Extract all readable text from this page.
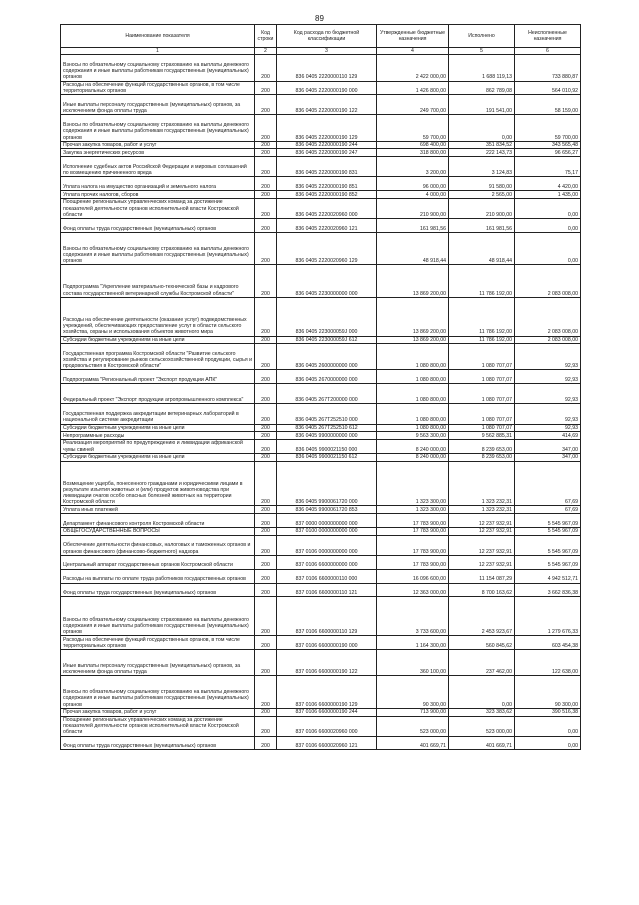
89
Наименование показателя	Код строки	Код расхода по бюджетной классификации	Утвержденные бюджетные назначения	Исполнено	Неисполненные назначения
1	2	3	4	5	6
Взносы по обязательному социальному страхованию на выплаты денежного содержания и иные выплаты работникам государственных (муниципальных) органов	200	836 0405 2220000110 129	2 422 000,00	1 688 119,13	733 880,87
Расходы на обеспечение функций государственных органов, в том числе территориальных органов	200	836 0405 2220000190 000	1 426 800,00	862 789,08	564 010,92
Иные выплаты персоналу государственных (муниципальных) органов, за исключением фонда оплаты труда	200	836 0405 2220000190 122	249 700,00	191 541,00	58 159,00
Взносы по обязательному социальному страхованию на выплаты денежного содержания и иные выплаты работникам государственных (муниципальных) органов	200	836 0405 2220000190 129	59 700,00	0,00	59 700,00
Прочая закупка товаров, работ и услуг	200	836 0405 2220000190 244	698 400,00	351 834,52	343 565,48
Закупка энергетических ресурсов	200	836 0405 2220000190 247	318 800,00	222 143,73	96 656,27
Исполнение судебных актов Российской Федерации и мировых соглашений по возмещению причиненного вреда	200	836 0405 2220000190 831	3 200,00	3 124,83	75,17
Уплата налога на имущество организаций и земельного налога	200	836 0405 2220000190 851	96 000,00	91 580,00	4 420,00
Уплата прочих налогов, сборов	200	836 0405 2220000190 852	4 000,00	2 565,00	1 435,00
Поощрение региональных управленческих команд за достижение показателей деятельности органов исполнительной власти Костромской области	200	836 0405 2220020960 000	210 900,00	210 900,00	0,00
Фонд оплаты труда государственных (муниципальных) органов	200	836 0405 2220020960 121	161 981,56	161 981,56	0,00
Взносы по обязательному социальному страхованию на выплаты денежного содержания и иные выплаты работникам государственных (муниципальных) органов	200	836 0405 2220020960 129	48 918,44	48 918,44	0,00
Подпрограмма "Укрепление материально-технической базы и кадрового состава государственной ветеринарной службы Костромской области"	200	836 0405 2230000000 000	13 869 200,00	11 786 192,00	2 083 008,00
Расходы на обеспечение деятельности (оказание услуг) подведомственных учреждений, обеспечивающих предоставление услуг в области сельского хозяйства, охраны и использования объектов животного мира	200	836 0405 223000059Ј 000	13 869 200,00	11 786 192,00	2 083 008,00
Субсидии бюджетным учреждениям на иные цели	200	836 0405 223000059Ј 612	13 869 200,00	11 786 192,00	2 083 008,00
Государственная программа Костромской области "Развитие сельского хозяйства и регулирование рынков сельскохозяйственной продукции, сырья и продовольствия в Костромской области"	200	836 0405 2600000000 000	1 080 800,00	1 080 707,07	92,93
Подпрограмма "Региональный проект "Экспорт продукции АПК"	200	836 0405 2670000000 000	1 080 800,00	1 080 707,07	92,93
Федеральный проект "Экспорт продукции агропромышленного комплекса"	200	836 0405 267T200000 000	1 080 800,00	1 080 707,07	92,93
Государственная поддержка аккредитации ветеринарных лабораторий в национальной системе аккредитации	200	836 0405 267T252510 000	1 080 800,00	1 080 707,07	92,93
Субсидии бюджетным учреждениям на иные цели	200	836 0405 267T252510 612	1 080 800,00	1 080 707,07	92,93
Непрограммные расходы	200	836 0405 9900000000 000	9 563 300,00	9 562 885,31	414,69
Реализация мероприятий по предупреждению и ликвидации африканской чумы свиней	200	836 0405 9900021150 000	8 240 000,00	8 239 653,00	347,00
Субсидии бюджетным учреждениям на иные цели	200	836 0405 9900021150 612	8 240 000,00	8 239 653,00	347,00
Возмещение ущерба, понесенного гражданами и юридическими лицами в результате изъятия животных и (или) продуктов животноводства при ликвидации очагов особо опасных болезней животных на территории Костромской области	200	836 0405 9900061720 000	1 323 300,00	1 323 232,31	67,69
Уплата иных платежей	200	836 0405 9900061720 853	1 323 300,00	1 323 232,31	67,69
Департамент финансового контроля Костромской области	200	837 0000 0000000000 000	17 783 900,00	12 237 932,91	5 545 967,09
ОБЩЕГОСУДАРСТВЕННЫЕ ВОПРОСЫ	200	837 0100 0000000000 000	17 783 900,00	12 237 932,91	5 545 967,09
Обеспечение деятельности финансовых, налоговых и таможенных органов и органов финансового (финансово-бюджетного) надзора	200	837 0106 0000000000 000	17 783 900,00	12 237 932,91	5 545 967,09
Центральный аппарат государственных органов Костромской области	200	837 0106 6600000000 000	17 783 900,00	12 237 932,91	5 545 967,09
Расходы на выплаты по оплате труда работников государственных органов	200	837 0106 6600000110 000	16 096 600,00	11 154 087,29	4 942 512,71
Фонд оплаты труда государственных (муниципальных) органов	200	837 0106 6600000110 121	12 363 000,00	8 700 163,62	3 662 836,38
Взносы по обязательному социальному страхованию на выплаты денежного содержания и иные выплаты работникам государственных (муниципальных) органов	200	837 0106 6600000110 129	3 733 600,00	2 453 923,67	1 279 676,33
Расходы на обеспечение функций государственных органов, в том числе территориальных органов	200	837 0106 6600000190 000	1 164 300,00	560 845,62	603 454,38
Иные выплаты персоналу государственных (муниципальных) органов, за исключением фонда оплаты труда	200	837 0106 6600000190 122	360 100,00	237 462,00	122 638,00
Взносы по обязательному социальному страхованию на выплаты денежного содержания и иные выплаты работникам государственных (муниципальных) органов	200	837 0106 6600000190 129	90 300,00	0,00	90 300,00
Прочая закупка товаров, работ и услуг	200	837 0106 6600000190 244	713 900,00	323 383,62	390 516,38
Поощрение региональных управленческих команд за достижение показателей деятельности органов исполнительной власти Костромской области	200	837 0106 6600020960 000	523 000,00	523 000,00	0,00
Фонд оплаты труда государственных (муниципальных) органов	200	837 0106 6600020960 121	401 669,71	401 669,71	0,00
